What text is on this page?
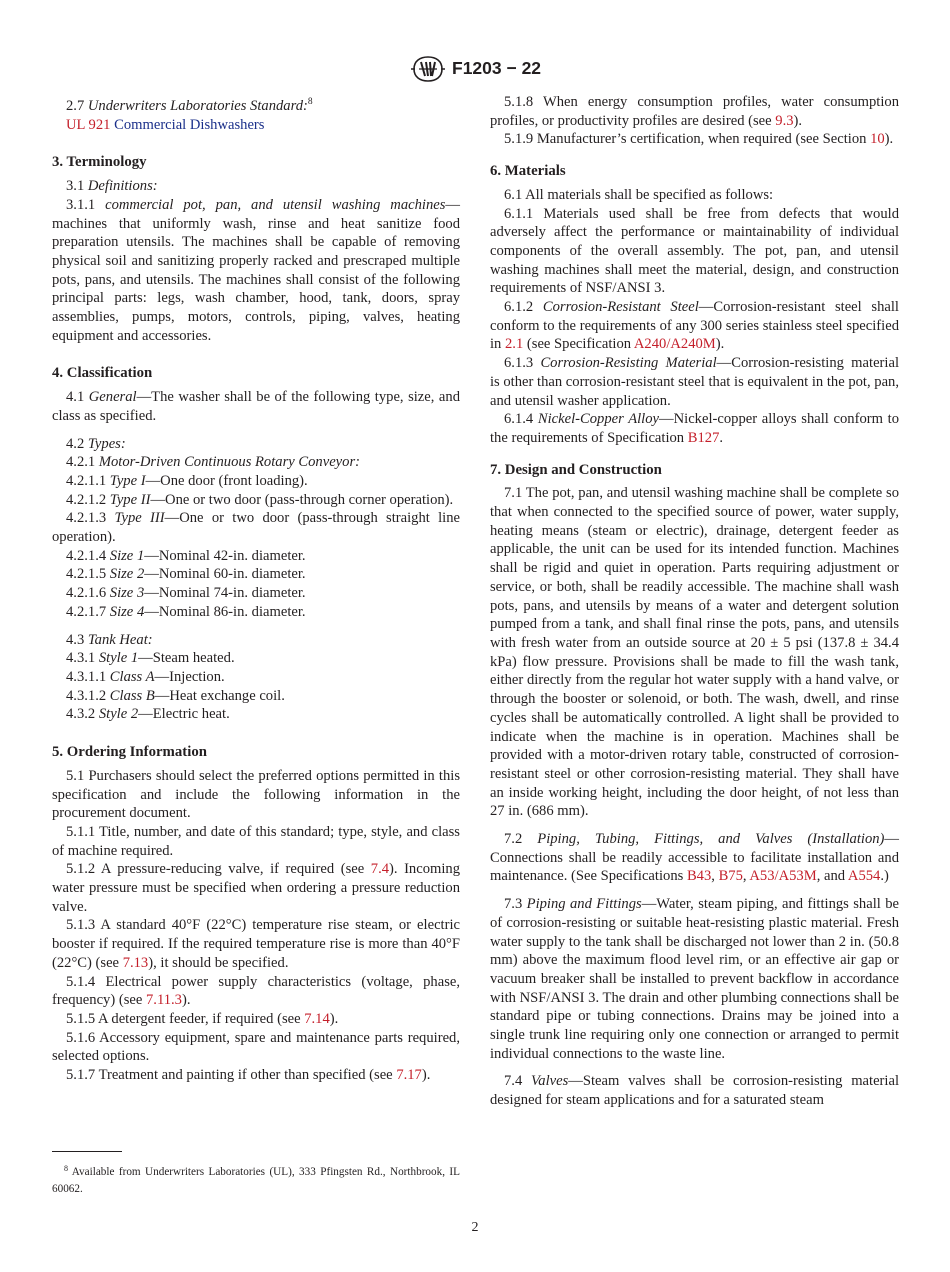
F1203 − 22

2.7 Underwriters Laboratories Standard:$^8$

UL 921 Commercial Dishwashers

3. Terminology

3.1 Definitions:

3.1.1 commercial pot, pan, and utensil washing machines—machines that uniformly wash, rinse and heat sanitize food preparation utensils. The machines shall be capable of removing physical soil and sanitizing properly racked and prescraped multiple pots, pans, and utensils. The machines shall consist of the following principal parts: legs, wash chamber, hood, tank, doors, spray assemblies, pumps, motors, controls, piping, valves, heating equipment and accessories.

4. Classification

4.1 General—The washer shall be of the following type, size, and class as specified.

4.2 Types:

4.2.1 Motor-Driven Continuous Rotary Conveyor:

4.2.1.1 Type I—One door (front loading).

4.2.1.2 Type II—One or two door (pass-through corner operation).

4.2.1.3 Type III—One or two door (pass-through straight line operation).

4.2.1.4 Size 1—Nominal 42-in. diameter.

4.2.1.5 Size 2—Nominal 60-in. diameter.

4.2.1.6 Size 3—Nominal 74-in. diameter.

4.2.1.7 Size 4—Nominal 86-in. diameter.

4.3 Tank Heat:

4.3.1 Style 1—Steam heated.

4.3.1.1 Class A—Injection.

4.3.1.2 Class B—Heat exchange coil.

4.3.2 Style 2—Electric heat.

5. Ordering Information

5.1 Purchasers should select the preferred options permitted in this specification and include the following information in the procurement document.

5.1.1 Title, number, and date of this standard; type, style, and class of machine required.

5.1.2 A pressure-reducing valve, if required (see 7.4). Incoming water pressure must be specified when ordering a pressure reduction valve.

5.1.3 A standard 40°F (22°C) temperature rise steam, or electric booster if required. If the required temperature rise is more than 40°F (22°C) (see 7.13), it should be specified.

5.1.4 Electrical power supply characteristics (voltage, phase, frequency) (see 7.11.3).

5.1.5 A detergent feeder, if required (see 7.14).

5.1.6 Accessory equipment, spare and maintenance parts required, selected options.

5.1.7 Treatment and painting if other than specified (see 7.17).

5.1.8 When energy consumption profiles, water consumption profiles, or productivity profiles are desired (see 9.3).

5.1.9 Manufacturer’s certification, when required (see Section 10).

6. Materials

6.1 All materials shall be specified as follows:

6.1.1 Materials used shall be free from defects that would adversely affect the performance or maintainability of individual components of the overall assembly. The pot, pan, and utensil washing machines shall meet the material, design, and construction requirements of NSF/ANSI 3.

6.1.2 Corrosion-Resistant Steel—Corrosion-resistant steel shall conform to the requirements of any 300 series stainless steel specified in 2.1 (see Specification A240/A240M).

6.1.3 Corrosion-Resisting Material—Corrosion-resisting material is other than corrosion-resistant steel that is equivalent in the pot, pan, and utensil washer application.

6.1.4 Nickel-Copper Alloy—Nickel-copper alloys shall conform to the requirements of Specification B127.

7. Design and Construction

7.1 The pot, pan, and utensil washing machine shall be complete so that when connected to the specified source of power, water supply, heating means (steam or electric), drainage, detergent feeder as applicable, the unit can be used for its intended function. Machines shall be rigid and quiet in operation. Parts requiring adjustment or service, or both, shall be readily accessible. The machine shall wash pots, pans, and utensils by means of a water and detergent solution pumped from a tank, and shall final rinse the pots, pans, and utensils with fresh water from an outside source at 20 ± 5 psi (137.8 ± 34.4 kPa) flow pressure. Provisions shall be made to fill the wash tank, either directly from the regular hot water supply with a hand valve, or through the booster or solenoid, or both. The wash, dwell, and rinse cycles shall be automatically controlled. A light shall be provided to indicate when the machine is in operation. Machines shall be provided with a motor-driven rotary table, constructed of corrosion-resistant steel or other corrosion-resisting material. They shall have an inside working height, including the door height, of not less than 27 in. (686 mm).

7.2 Piping, Tubing, Fittings, and Valves (Installation)—Connections shall be readily accessible to facilitate installation and maintenance. (See Specifications B43, B75, A53/A53M, and A554.)

7.3 Piping and Fittings—Water, steam piping, and fittings shall be of corrosion-resisting or suitable heat-resisting plastic material. Fresh water supply to the tank shall be discharged not lower than 2 in. (50.8 mm) above the maximum flood level rim, or an effective air gap or vacuum breaker shall be installed to prevent backflow in accordance with NSF/ANSI 3. The drain and other plumbing connections shall be standard pipe or tubing connections. Drains may be joined into a single trunk line requiring only one connection or arranged to permit individual connections to the waste line.

7.4 Valves—Steam valves shall be corrosion-resisting material designed for steam applications and for a saturated steam

$^8$ Available from Underwriters Laboratories (UL), 333 Pfingsten Rd., Northbrook, IL 60062.
2
